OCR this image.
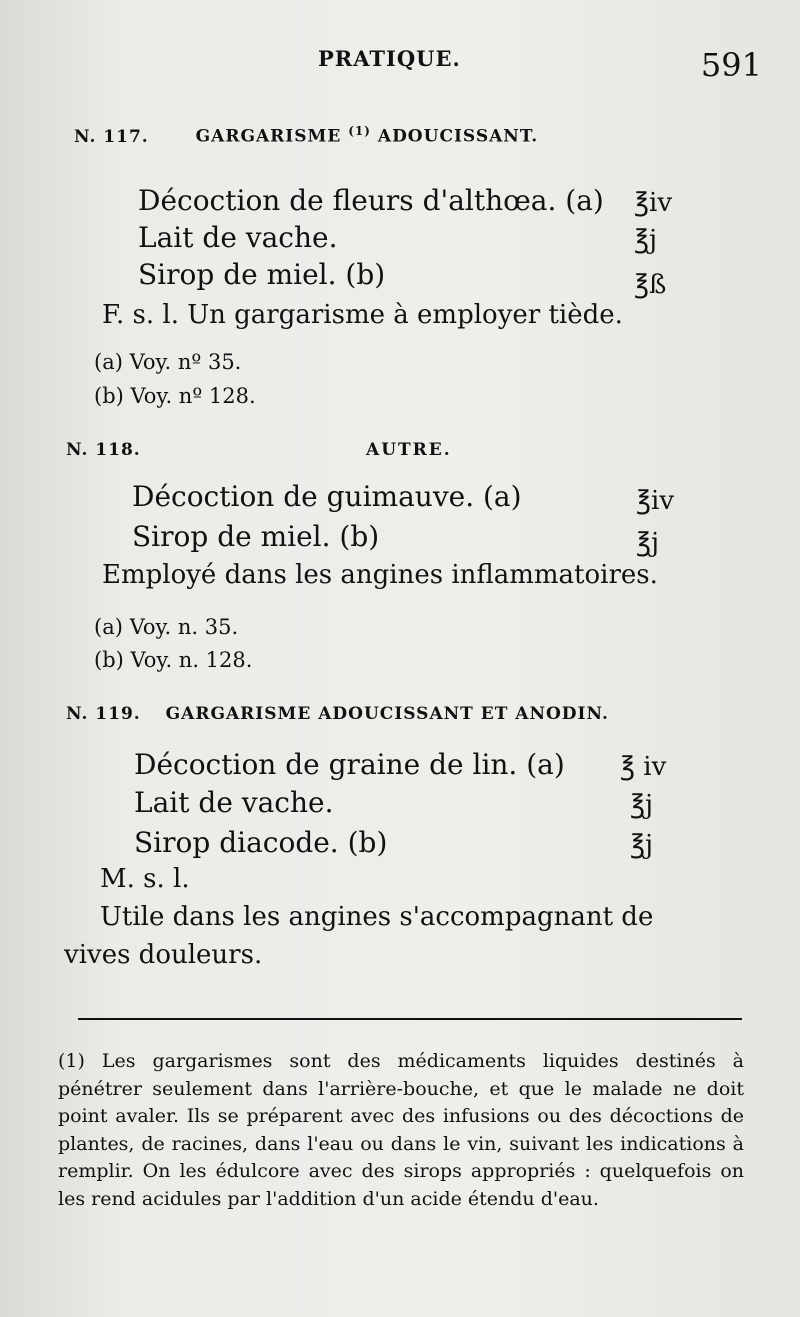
PRATIQUE.	591
N. 117.	GARGARISME $^{(1)}$ ADOUCISSANT.
Décoction de fleurs d'althœa. (a) ℥iv
Lait de vache.	℥j
Sirop de miel. (b)	℥ß
F. s. l. Un gargarisme à employer tiède.
(a) Voy. nº 35.
(b) Voy. nº 128.
N. 118.	AUTRE.
Décoction de guimauve. (a)	℥iv
Sirop de miel. (b)	℥j
Employé dans les angines inflammatoires.
(a) Voy. n. 35.
(b) Voy. n. 128.
N. 119. GARGARISME ADOUCISSANT ET ANODIN.
Décoction de graine de lin. (a) ℥ iv
Lait de vache.	℥j
Sirop diacode. (b)	℥j
M. s. l.
Utile dans les angines s'accompagnant de
vives douleurs.
(1) Les gargarismes sont des médicaments liquides destinés à pénétrer seulement dans l'arrière-bouche, et que le malade ne doit point avaler. Ils se préparent avec des infusions ou des décoctions de plantes, de racines, dans l'eau ou dans le vin, suivant les indications à remplir. On les édulcore avec des sirops appropriés : quelquefois on les rend acidules par l'addition d'un acide étendu d'eau.
